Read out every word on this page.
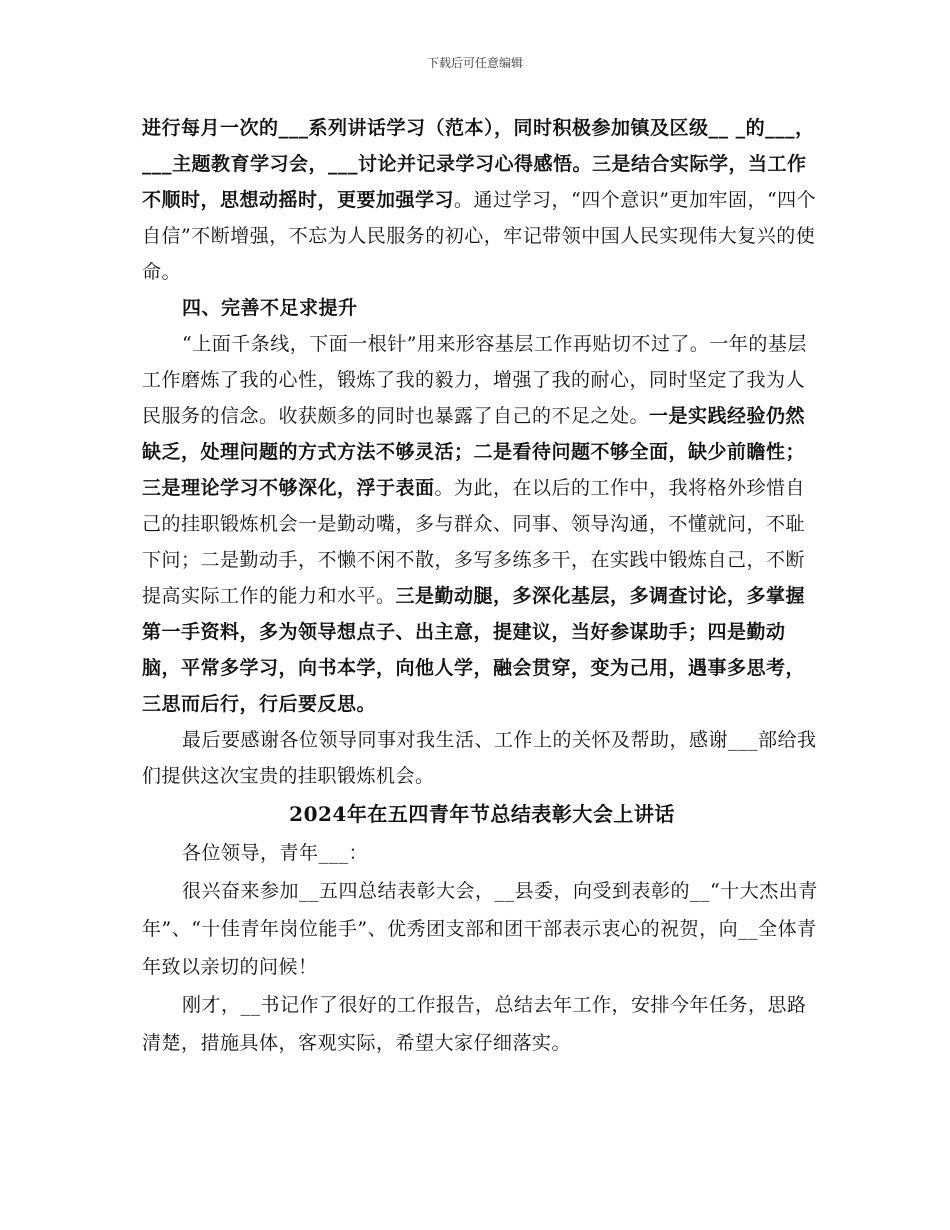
下载后可任意编辑

进行每月一次的___系列讲话学习（范本），同时积极参加镇及区级__ _的___，___主题教育学习会，___讨论并记录学习心得感悟。三是结合实际学，当工作不顺时，思想动摇时，更要加强学习。通过学习，“四个意识”更加牢固，“四个自信”不断增强，不忘为人民服务的初心，牢记带领中国人民实现伟大复兴的使命。

四、完善不足求提升

“上面千条线，下面一根针”用来形容基层工作再贴切不过了。一年的基层工作磨炼了我的心性，锻炼了我的毅力，增强了我的耐心，同时坚定了我为人民服务的信念。收获颇多的同时也暴露了自己的不足之处。一是实践经验仍然缺乏，处理问题的方式方法不够灵活；二是看待问题不够全面，缺少前瞻性；三是理论学习不够深化，浮于表面。为此，在以后的工作中，我将格外珍惜自己的挂职锻炼机会一是勤动嘴，多与群众、同事、领导沟通，不懂就问，不耻下问；二是勤动手，不懒不闲不散，多写多练多干，在实践中锻炼自己，不断提高实际工作的能力和水平。三是勤动腿，多深化基层，多调查讨论，多掌握第一手资料，多为领导想点子、出主意，提建议，当好参谋助手；四是勤动脑，平常多学习，向书本学，向他人学，融会贯穿，变为己用，遇事多思考，三思而后行，行后要反思。

最后要感谢各位领导同事对我生活、工作上的关怀及帮助，感谢___部给我们提供这次宝贵的挂职锻炼机会。

2024年在五四青年节总结表彰大会上讲话

各位领导，青年___：

很兴奋来参加__五四总结表彰大会，__县委，向受到表彰的__“十大杰出青年”、“十佳青年岗位能手”、优秀团支部和团干部表示衷心的祝贺，向__全体青年致以亲切的问候！

刚才，__书记作了很好的工作报告，总结去年工作，安排今年任务，思路清楚，措施具体，客观实际，希望大家仔细落实。
